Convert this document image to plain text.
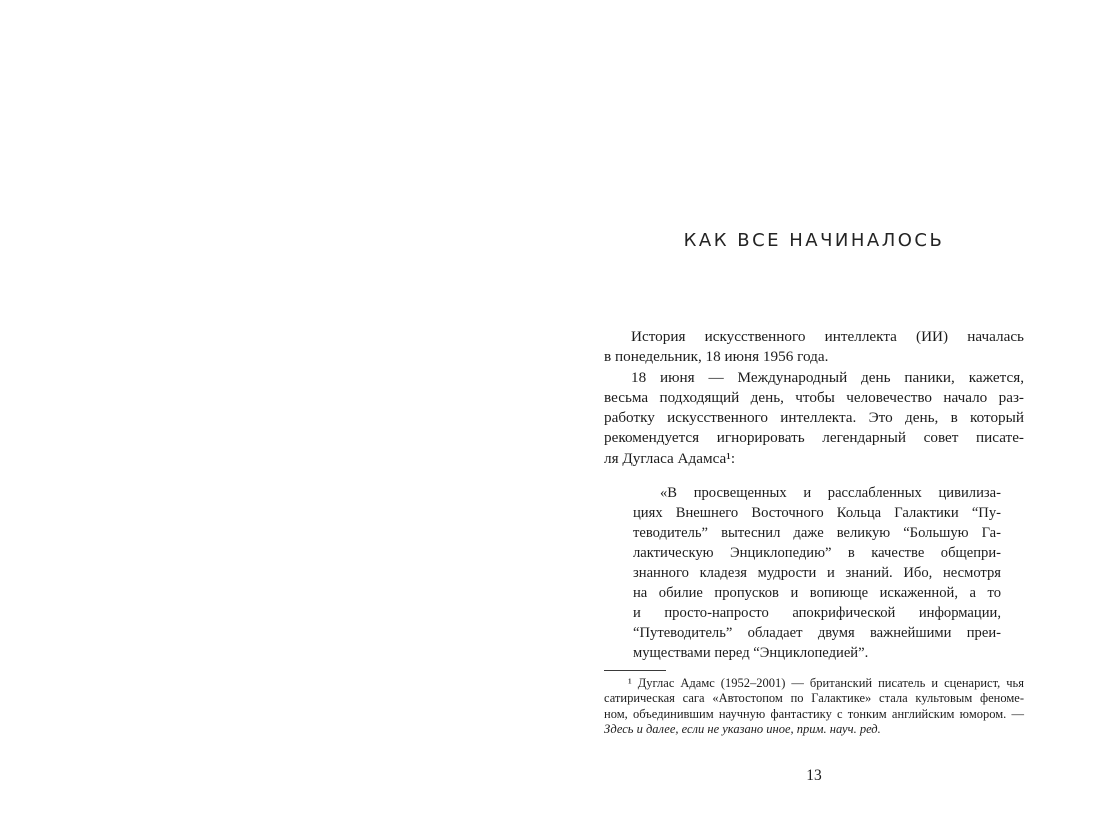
КАК ВСЕ НАЧИНАЛОСЬ
История искусственного интеллекта (ИИ) началась
в понедельник, 18 июня 1956 года.
18 июня — Международный день паники, кажется,
весьма подходящий день, чтобы человечество начало раз-
работку искусственного интеллекта. Это день, в который
рекомендуется игнорировать легендарный совет писате-
ля Дугласа Адамса¹:
«В просвещенных и расслабленных цивилиза-
циях Внешнего Восточного Кольца Галактики “Пу-
теводитель” вытеснил даже великую “Большую Га-
лактическую Энциклопедию” в качестве общепри-
знанного кладезя мудрости и знаний. Ибо, несмотря
на обилие пропусков и вопиюще искаженной, а то
и просто-напросто апокрифической информации,
“Путеводитель” обладает двумя важнейшими преи-
муществами перед “Энциклопедией”.
¹ Дуглас Адамс (1952–2001) — британский писатель и сценарист, чья
сатирическая сага «Автостопом по Галактике» стала культовым феноме-
ном, объединившим научную фантастику с тонким английским юмором. —
Здесь и далее, если не указано иное, прим. науч. ред.
13
